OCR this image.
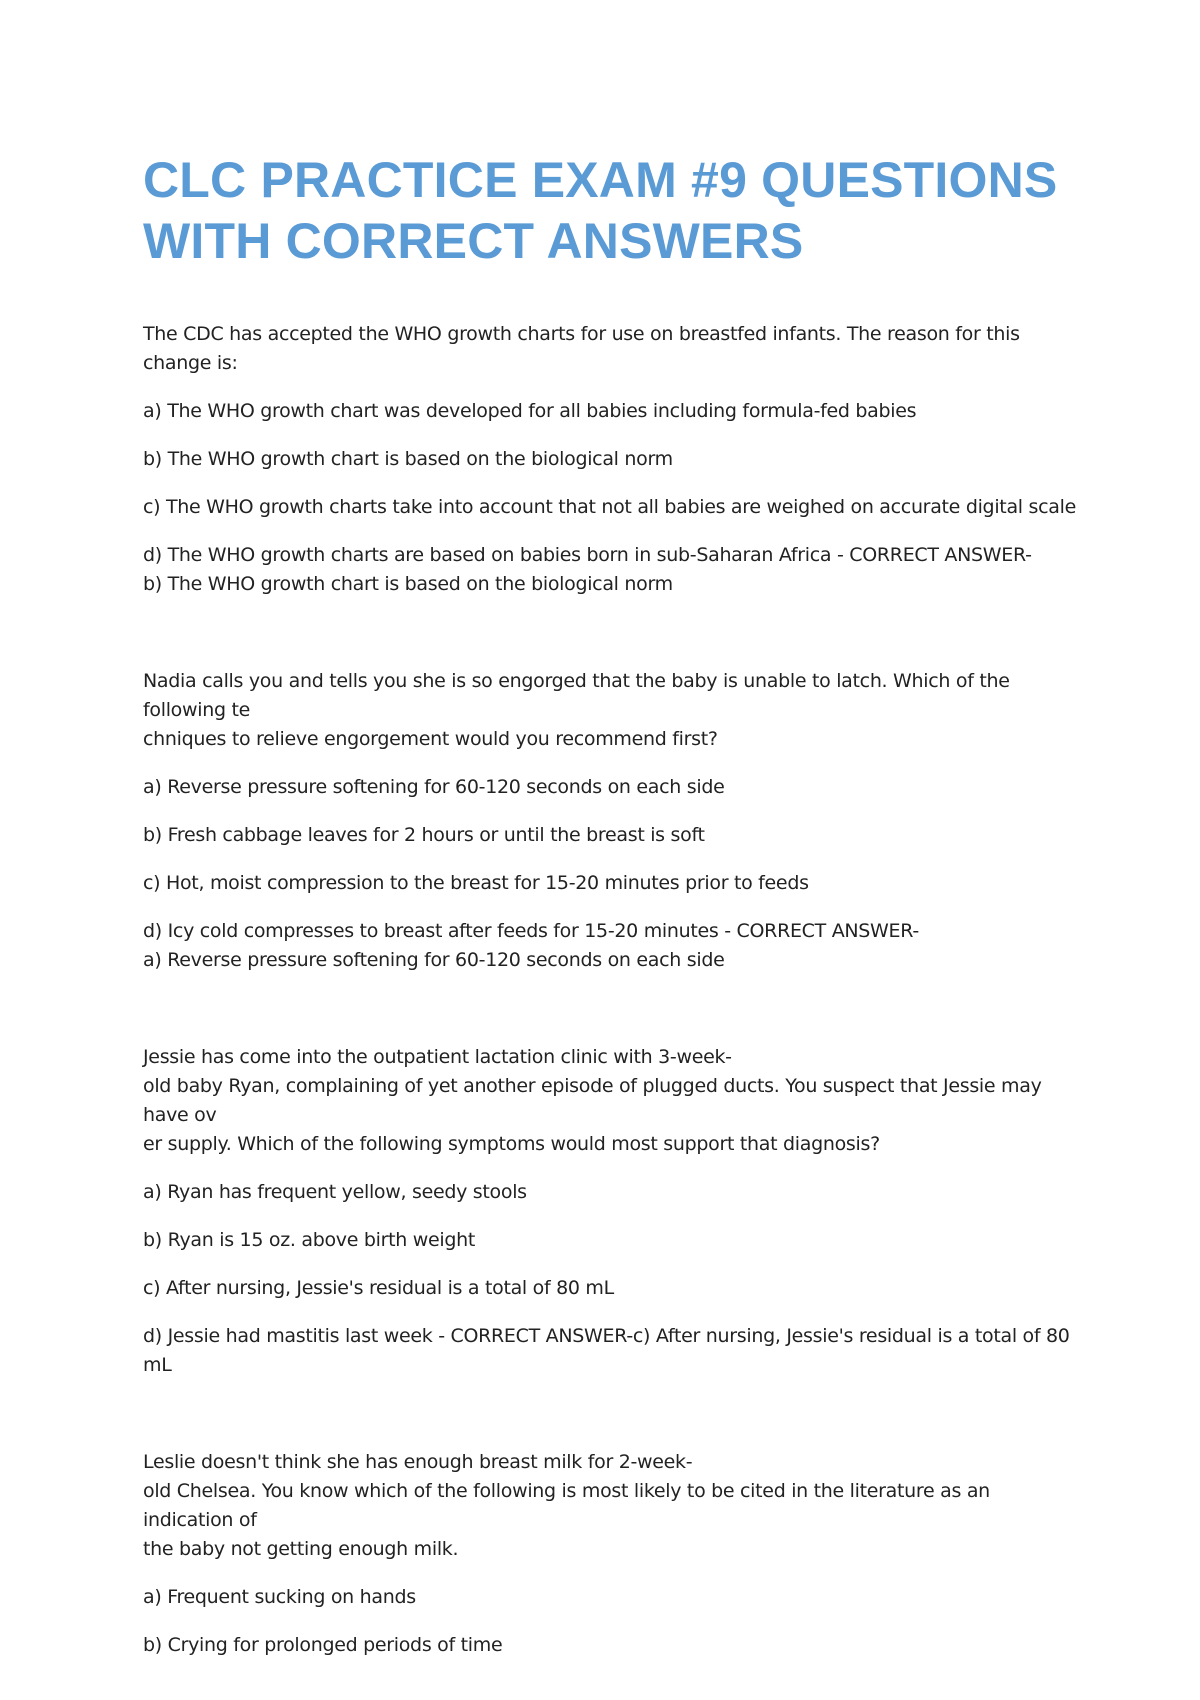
CLC PRACTICE EXAM #9 QUESTIONS WITH CORRECT ANSWERS

The CDC has accepted the WHO growth charts for use on breastfed infants. The reason for this change is:

a) The WHO growth chart was developed for all babies including formula-fed babies

b) The WHO growth chart is based on the biological norm

c) The WHO growth charts take into account that not all babies are weighed on accurate digital scale

d) The WHO growth charts are based on babies born in sub-Saharan Africa - CORRECT ANSWER-
b) The WHO growth chart is based on the biological norm

Nadia calls you and tells you she is so engorged that the baby is unable to latch. Which of the following te
chniques to relieve engorgement would you recommend first?

a) Reverse pressure softening for 60-120 seconds on each side

b) Fresh cabbage leaves for 2 hours or until the breast is soft

c) Hot, moist compression to the breast for 15-20 minutes prior to feeds

d) Icy cold compresses to breast after feeds for 15-20 minutes - CORRECT ANSWER-
a) Reverse pressure softening for 60-120 seconds on each side

Jessie has come into the outpatient lactation clinic with 3-week-
old baby Ryan, complaining of yet another episode of plugged ducts. You suspect that Jessie may have ov
er supply. Which of the following symptoms would most support that diagnosis?

a) Ryan has frequent yellow, seedy stools

b) Ryan is 15 oz. above birth weight

c) After nursing, Jessie's residual is a total of 80 mL

d) Jessie had mastitis last week - CORRECT ANSWER-c) After nursing, Jessie's residual is a total of 80 mL

Leslie doesn't think she has enough breast milk for 2-week-
old Chelsea. You know which of the following is most likely to be cited in the literature as an indication of
the baby not getting enough milk.

a) Frequent sucking on hands

b) Crying for prolonged periods of time
